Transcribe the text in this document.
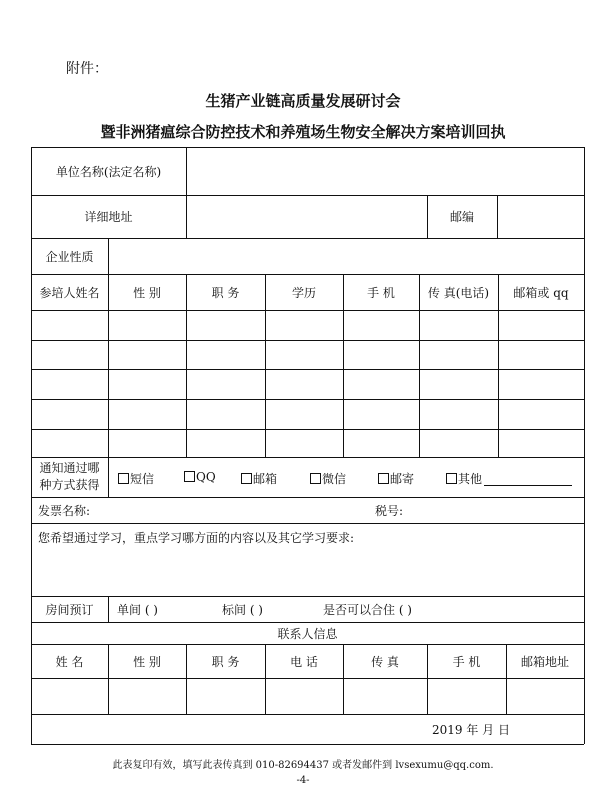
附件：
生猪产业链高质量发展研讨会
暨非洲猪瘟综合防控技术和养殖场生物安全解决方案培训回执
单位名称(法定名称)
详细地址	邮编
企业性质
参培人姓名	性 别	职 务	学历	手 机	传 真(电话)	邮箱或 qq
通知通过哪
种方式获得	短信	QQ	邮箱	微信	邮寄	其他
发票名称:	税号:
您希望通过学习，重点学习哪方面的内容以及其它学习要求:
房间预订	单间 ( )	标间 ( )	是否可以合住 ( )
联系人信息
姓 名	性 别	职 务	电 话	传 真	手 机	邮箱地址
2019 年 月 日
此表复印有效，填写此表传真到 010-82694437 或者发邮件到 lvsexumu@qq.com.
-4-
